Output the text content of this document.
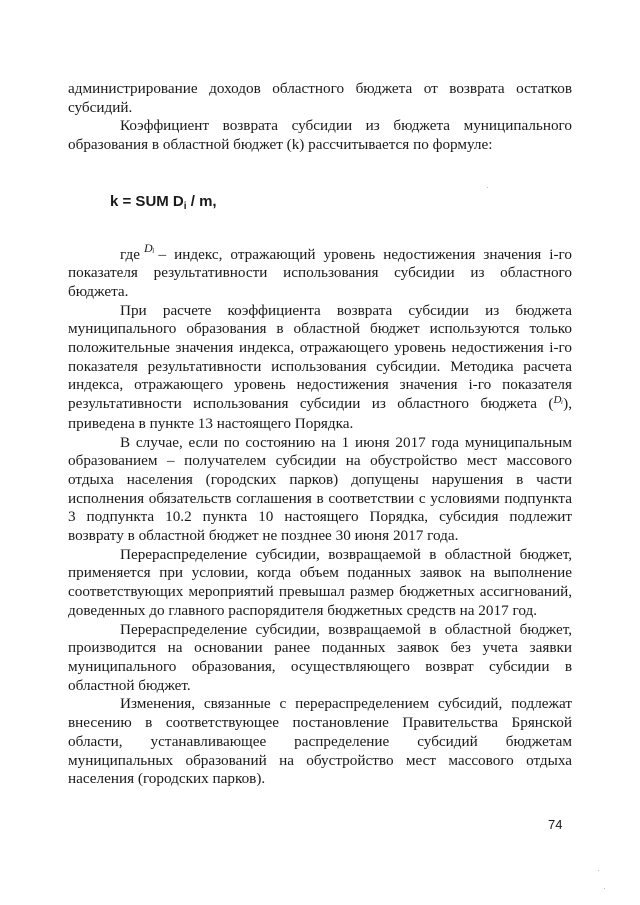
администрирование доходов областного бюджета от возврата остатков субсидий.

Коэффициент возврата субсидии из бюджета муниципального образования в областной бюджет (k) рассчитывается по формуле:

k = SUM $D_i$ / m,

где $^{Dᵢ}$ – индекс, отражающий уровень недостижения значения i-го показателя результативности использования субсидии из областного бюджета.

При расчете коэффициента возврата субсидии из бюджета муниципального образования в областной бюджет используются только положительные значения индекса, отражающего уровень недостижения i-го показателя результативности использования субсидии. Методика расчета индекса, отражающего уровень недостижения значения i-го показателя результативности использования субсидии из областного бюджета ($^{Dᵢ}$), приведена в пункте 13 настоящего Порядка.

В случае, если по состоянию на 1 июня 2017 года муниципальным образованием – получателем субсидии на обустройство мест массового отдыха населения (городских парков) допущены нарушения в части исполнения обязательств соглашения в соответствии с условиями подпункта 3 подпункта 10.2 пункта 10 настоящего Порядка, субсидия подлежит возврату в областной бюджет не позднее 30 июня 2017 года.

Перераспределение субсидии, возвращаемой в областной бюджет, применяется при условии, когда объем поданных заявок на выполнение соответствующих мероприятий превышал размер бюджетных ассигнований, доведенных до главного распорядителя бюджетных средств на 2017 год.

Перераспределение субсидии, возвращаемой в областной бюджет, производится на основании ранее поданных заявок без учета заявки муниципального образования, осуществляющего возврат субсидии в областной бюджет.

Изменения, связанные с перераспределением субсидий, подлежат внесению в соответствующее постановление Правительства Брянской области, устанавливающее распределение субсидий бюджетам муниципальных образований на обустройство мест массового отдыха населения (городских парков).

74
